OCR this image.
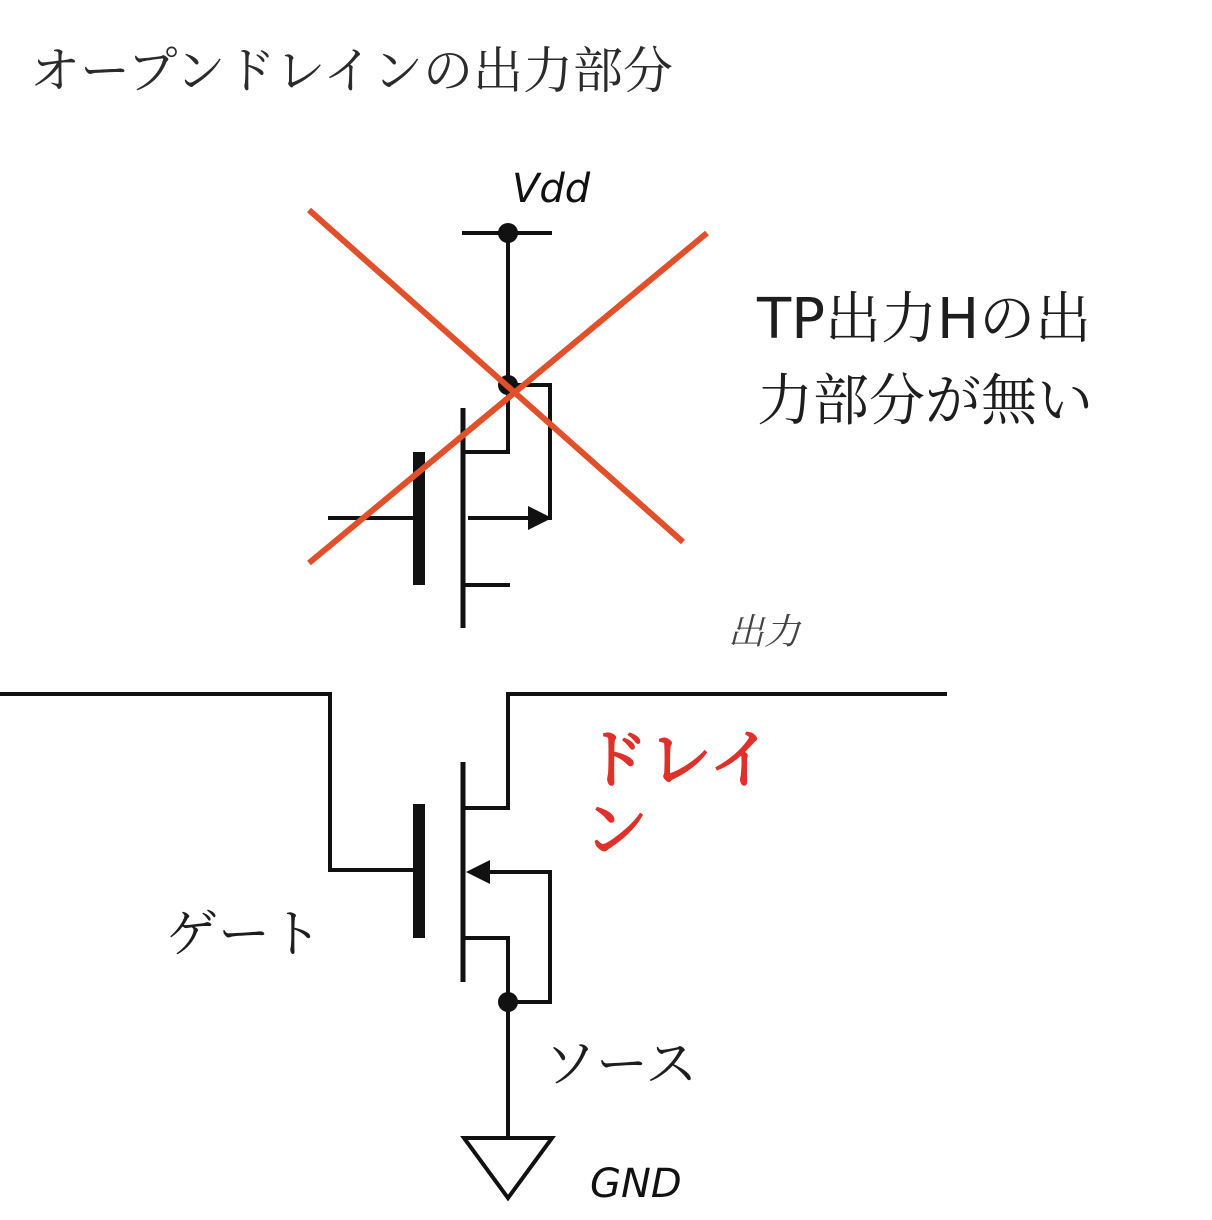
オープンドレインの出力部分
Vdd
TP出力Hの出
力部分が無い
出力
ドレイ
ン
ゲート
ソース
GND
